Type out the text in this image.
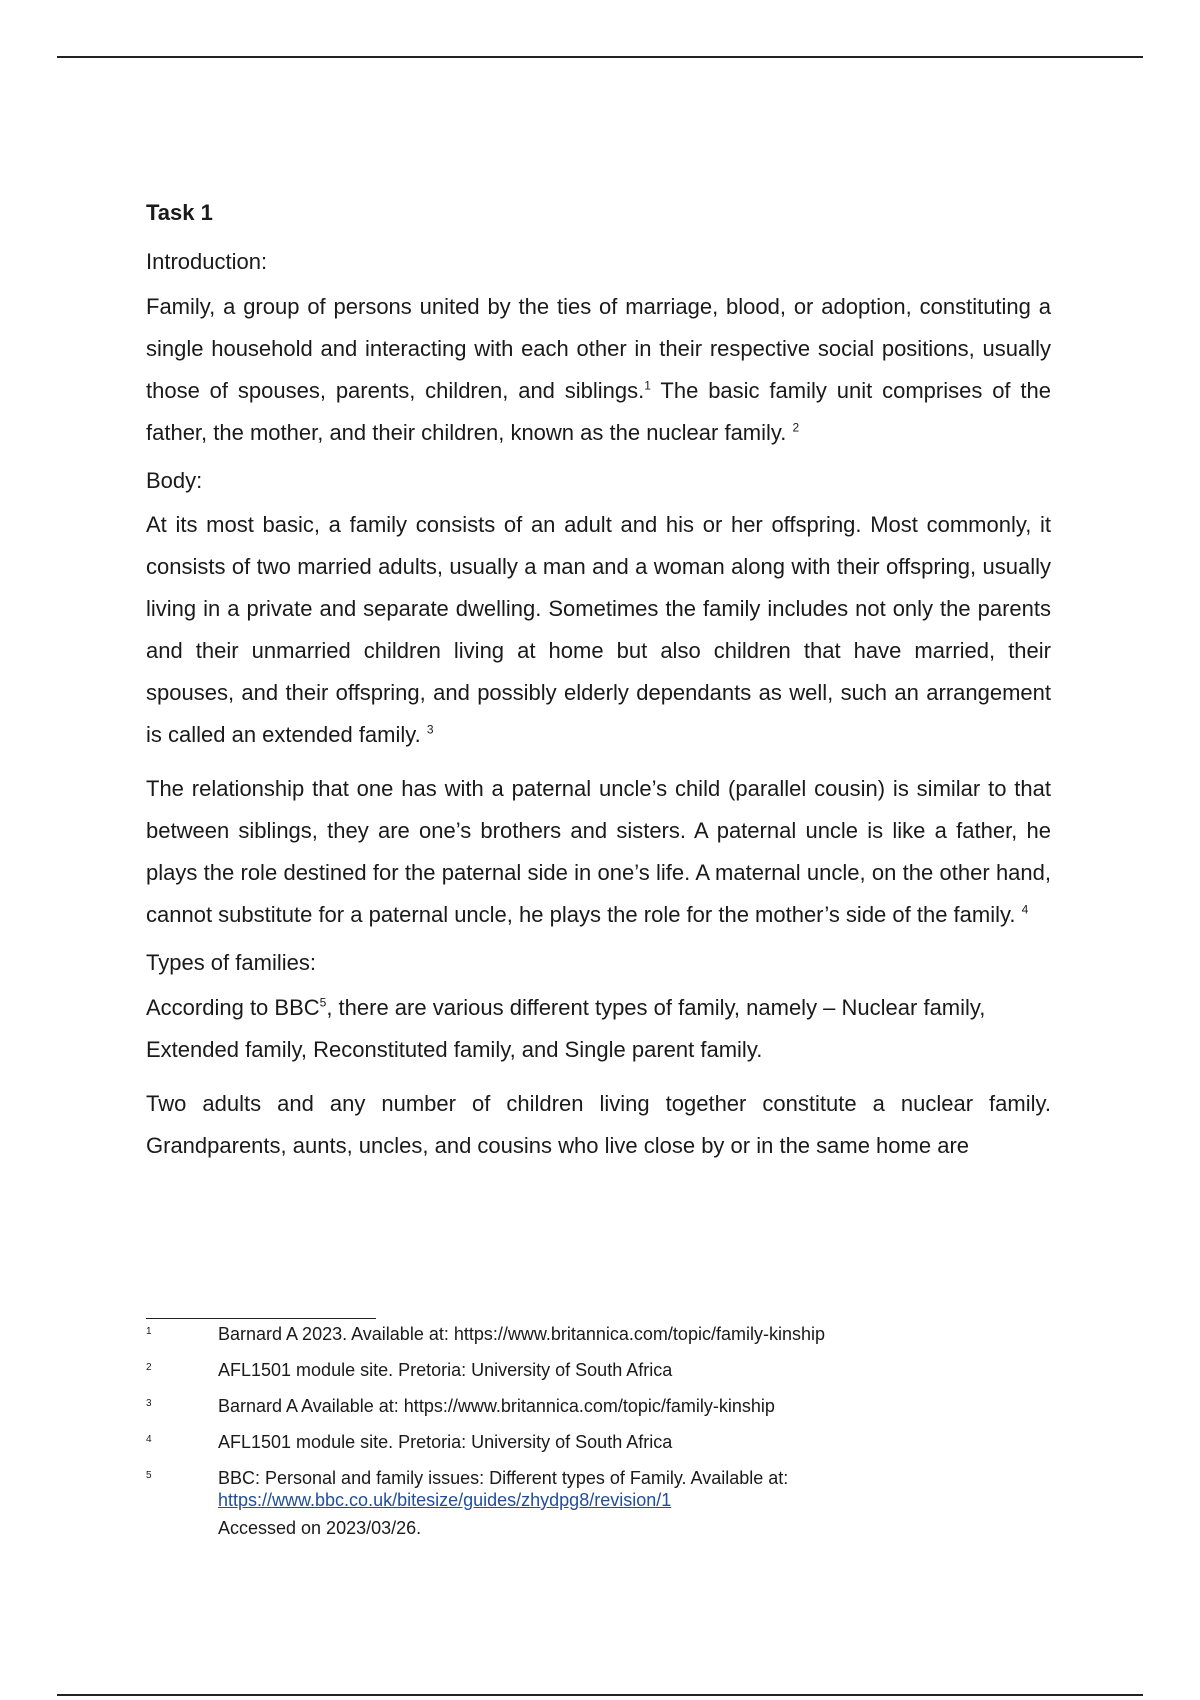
Task 1
Introduction:

Family, a group of persons united by the ties of marriage, blood, or adoption, constituting a single household and interacting with each other in their respective social positions, usually those of spouses, parents, children, and siblings.$^1$ The basic family unit comprises of the father, the mother, and their children, known as the nuclear family. $^2$

Body:

At its most basic, a family consists of an adult and his or her offspring. Most commonly, it consists of two married adults, usually a man and a woman along with their offspring, usually living in a private and separate dwelling. Sometimes the family includes not only the parents and their unmarried children living at home but also children that have married, their spouses, and their offspring, and possibly elderly dependants as well, such an arrangement is called an extended family. $^3$

The relationship that one has with a paternal uncle’s child (parallel cousin) is similar to that between siblings, they are one’s brothers and sisters. A paternal uncle is like a father, he plays the role destined for the paternal side in one’s life. A maternal uncle, on the other hand, cannot substitute for a paternal uncle, he plays the role for the mother’s side of the family. $^4$

Types of families:

According to BBC$^5$, there are various different types of family, namely – Nuclear family, Extended family, Reconstituted family, and Single parent family.

Two adults and any number of children living together constitute a nuclear family. Grandparents, aunts, uncles, and cousins who live close by or in the same home are

1	Barnard A 2023. Available at: https://www.britannica.com/topic/family-kinship
2	AFL1501 module site. Pretoria: University of South Africa
3	Barnard A Available at: https://www.britannica.com/topic/family-kinship
4	AFL1501 module site. Pretoria: University of South Africa
5	BBC: Personal and family issues: Different types of Family. Available at:
https://www.bbc.co.uk/bitesize/guides/zhydpg8/revision/1
Accessed on 2023/03/26.
